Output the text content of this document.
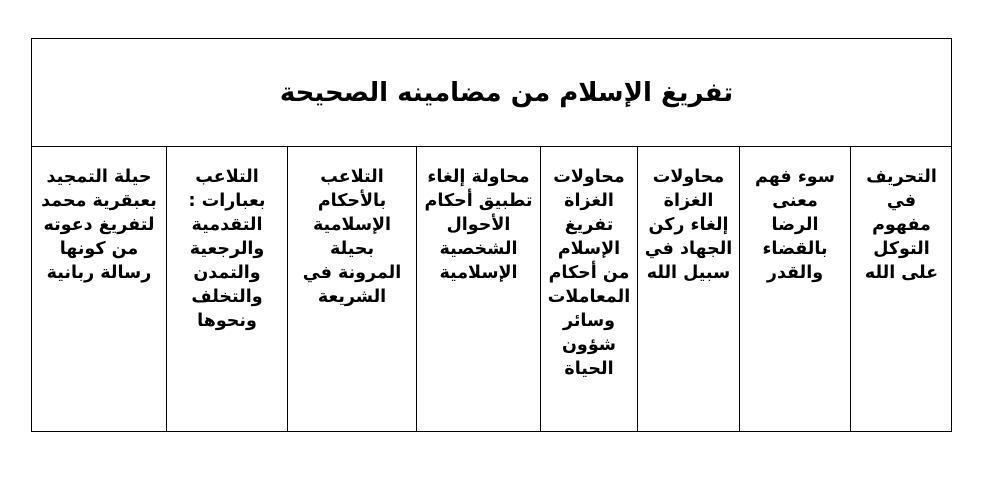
تفريغ الإسلام من مضامينه الصحيحة
حيلة التمجيد
بعبقرية محمد
لتفريغ دعوته
من كونها
رسالة ربانية
التلاعب
بعبارات :
التقدمية
والرجعية
والتمدن
والتخلف
ونحوها
التلاعب
بالأحكام
الإسلامية
بحيلة
المرونة في
الشريعة
محاولة إلغاء
تطبيق أحكام
الأحوال
الشخصية
الإسلامية
محاولات
الغزاة
تفريغ
الإسلام
من أحكام
المعاملات
وسائر
شؤون
الحياة
محاولات
الغزاة
إلغاء ركن
الجهاد في
سبيل الله
سوء فهم
معنى
الرضا
بالقضاء
والقدر
التحريف
في مفهوم
التوكل
على الله
